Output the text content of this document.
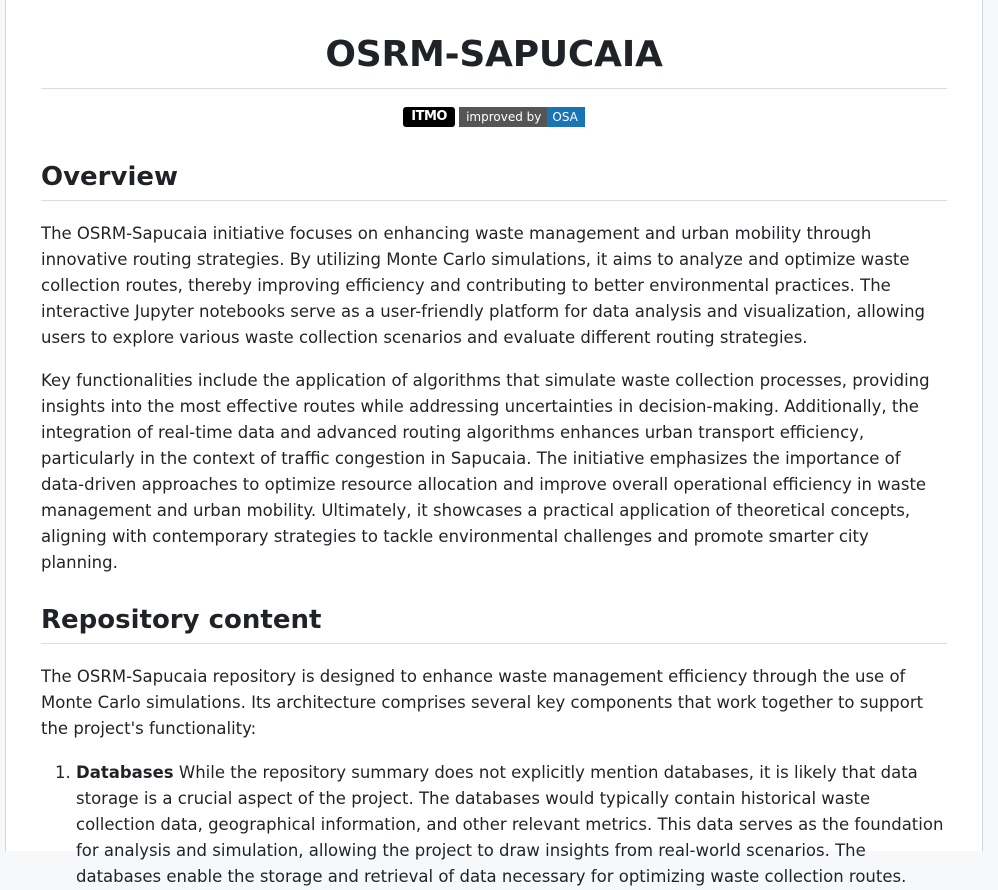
OSRM-SAPUCAIA
ITMO improved by OSA
Overview

The OSRM-Sapucaia initiative focuses on enhancing waste management and urban mobility through innovative routing strategies. By utilizing Monte Carlo simulations, it aims to analyze and optimize waste collection routes, thereby improving efficiency and contributing to better environmental practices. The interactive Jupyter notebooks serve as a user-friendly platform for data analysis and visualization, allowing users to explore various waste collection scenarios and evaluate different routing strategies.

Key functionalities include the application of algorithms that simulate waste collection processes, providing insights into the most effective routes while addressing uncertainties in decision-making. Additionally, the integration of real-time data and advanced routing algorithms enhances urban transport efficiency, particularly in the context of traffic congestion in Sapucaia. The initiative emphasizes the importance of data-driven approaches to optimize resource allocation and improve overall operational efficiency in waste management and urban mobility. Ultimately, it showcases a practical application of theoretical concepts, aligning with contemporary strategies to tackle environmental challenges and promote smarter city planning.

Repository content

The OSRM-Sapucaia repository is designed to enhance waste management efficiency through the use of Monte Carlo simulations. Its architecture comprises several key components that work together to support the project's functionality:

1. Databases While the repository summary does not explicitly mention databases, it is likely that data storage is a crucial aspect of the project. The databases would typically contain historical waste collection data, geographical information, and other relevant metrics. This data serves as the foundation for analysis and simulation, allowing the project to draw insights from real-world scenarios. The databases enable the storage and retrieval of data necessary for optimizing waste collection routes.
